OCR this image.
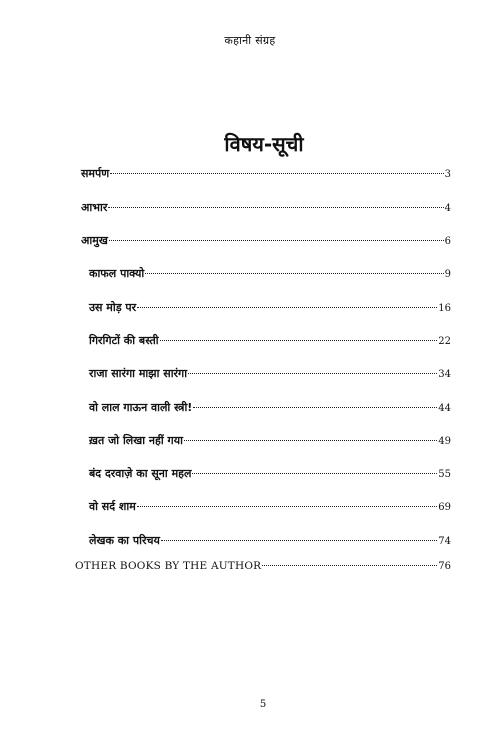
कहानी संग्रह
विषय-सूची
समर्पण	3
आभार	4
आमुख	6
काफल पाक्यो	9
उस मोड़ पर	16
गिरगिटों की बस्ती	22
राजा सारंगा माझा सारंगा	34
वो लाल गाऊन वाली स्त्री!	44
ख़त जो लिखा नहीं गया	49
बंद दरवाज़े का सूना महल	55
वो सर्द शाम	69
लेखक का परिचय	74
OTHER BOOKS BY THE AUTHOR	76
5
